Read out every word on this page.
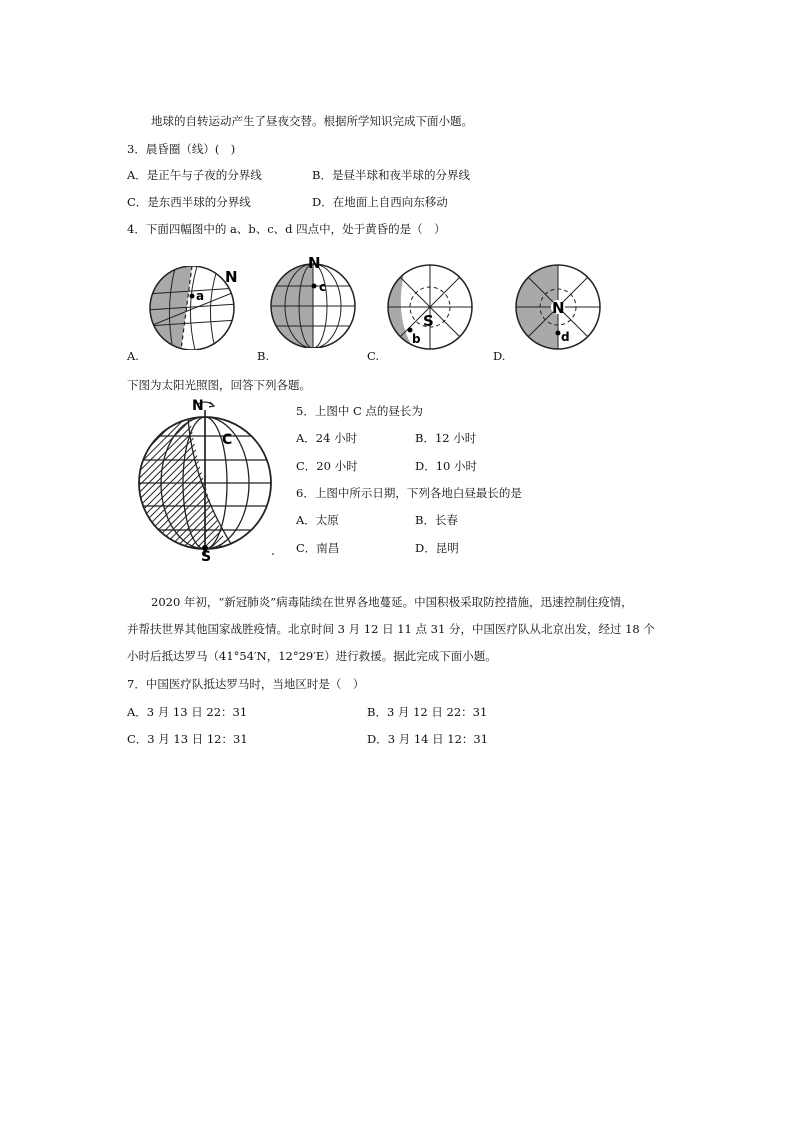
地球的自转运动产生了昼夜交替。根据所学知识完成下面小题。
3．晨昏圈（线）(　)
A．是正午与子夜的分界线	B．是昼半球和夜半球的分界线
C．是东西半球的分界线	D．在地面上自西向东移动
4．下面四幅图中的 a、b、c、d 四点中，处于黄昏的是（　）
a
N
c
N
b
S
N
d
A.	B.	C.	D.
下图为太阳光照图，回答下列各题。
N
S
C
5．上图中 C 点的昼长为
A．24 小时	B．12 小时
C．20 小时	D．10 小时
6．上图中所示日期，下列各地白昼最长的是
A．太原	B．长春
C．南昌	D．昆明
2020 年初，“新冠肺炎”病毒陆续在世界各地蔓延。中国积极采取防控措施，迅速控制住疫情，
并帮扶世界其他国家战胜疫情。北京时间 3 月 12 日 11 点 31 分，中国医疗队从北京出发，经过 18 个
小时后抵达罗马（41°54′N，12°29′E）进行救援。据此完成下面小题。
7．中国医疗队抵达罗马时，当地区时是（　）
A．3 月 13 日 22：31	B．3 月 12 日 22：31
C．3 月 13 日 12：31	D．3 月 14 日 12：31
